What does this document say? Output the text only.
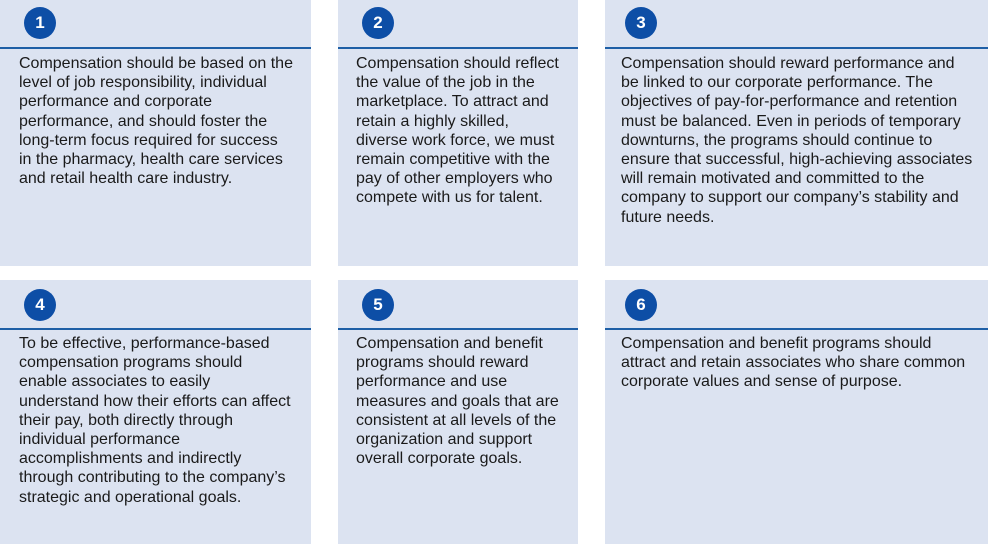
1

Compensation should be based on the level of job responsibility, individual performance and corporate performance, and should foster the long-term focus required for success in the pharmacy, health care services and retail health care industry.

2

Compensation should reflect the value of the job in the marketplace. To attract and retain a highly skilled, diverse work force, we must remain competitive with the pay of other employers who compete with us for talent.

3

Compensation should reward performance and be linked to our corporate performance. The objectives of pay-for-performance and retention must be balanced. Even in periods of temporary downturns, the programs should continue to ensure that successful, high-achieving associates will remain motivated and committed to the company to support our company’s stability and future needs.

4

To be effective, performance-based compensation programs should enable associates to easily understand how their efforts can affect their pay, both directly through individual performance accomplishments and indirectly through contributing to the company’s strategic and operational goals.

5

Compensation and benefit programs should reward performance and use measures and goals that are consistent at all levels of the organization and support overall corporate goals.

6

Compensation and benefit programs should attract and retain associates who share common corporate values and sense of purpose.
